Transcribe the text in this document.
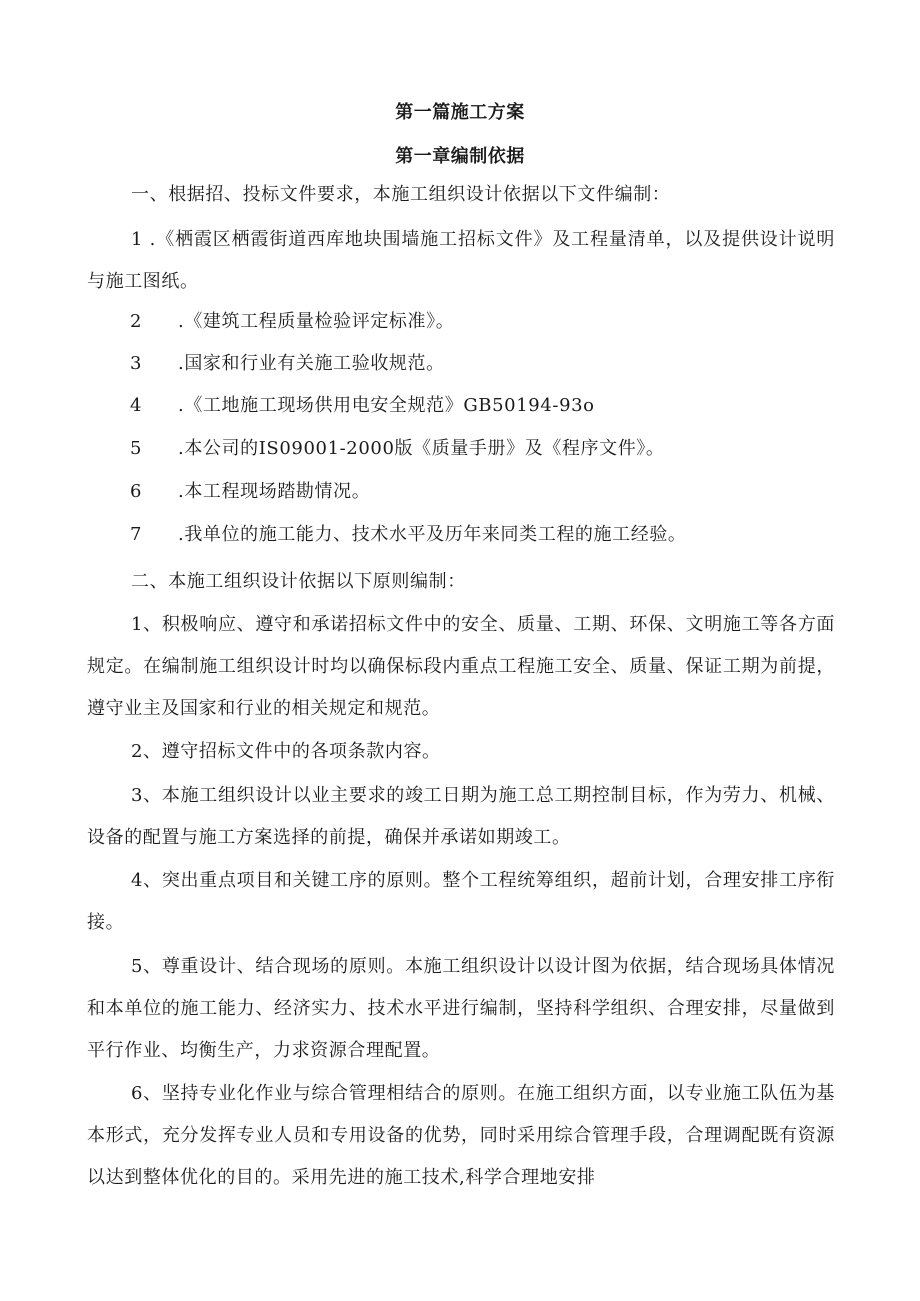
第一篇施工方案
第一章编制依据

一、根据招、投标文件要求，本施工组织设计依据以下文件编制：

1 .《栖霞区栖霞街道西库地块围墙施工招标文件》及工程量清单，以及提供设计说明与施工图纸。

2 .《建筑工程质量检验评定标准》。
3 .国家和行业有关施工验收规范。
4 .《工地施工现场供用电安全规范》GB50194-93o
5 .本公司的IS09001-2000版《质量手册》及《程序文件》。
6 .本工程现场踏勘情况。
7 .我单位的施工能力、技术水平及历年来同类工程的施工经验。

二、本施工组织设计依据以下原则编制：

1、积极响应、遵守和承诺招标文件中的安全、质量、工期、环保、文明施工等各方面规定。在编制施工组织设计时均以确保标段内重点工程施工安全、质量、保证工期为前提，遵守业主及国家和行业的相关规定和规范。

2、遵守招标文件中的各项条款内容。

3、本施工组织设计以业主要求的竣工日期为施工总工期控制目标，作为劳力、机械、设备的配置与施工方案选择的前提，确保并承诺如期竣工。

4、突出重点项目和关键工序的原则。整个工程统筹组织，超前计划，合理安排工序衔接。

5、尊重设计、结合现场的原则。本施工组织设计以设计图为依据，结合现场具体情况和本单位的施工能力、经济实力、技术水平进行编制，坚持科学组织、合理安排，尽量做到平行作业、均衡生产，力求资源合理配置。

6、坚持专业化作业与综合管理相结合的原则。在施工组织方面，以专业施工队伍为基本形式，充分发挥专业人员和专用设备的优势，同时采用综合管理手段，合理调配既有资源以达到整体优化的目的。采用先进的施工技术,科学合理地安排
